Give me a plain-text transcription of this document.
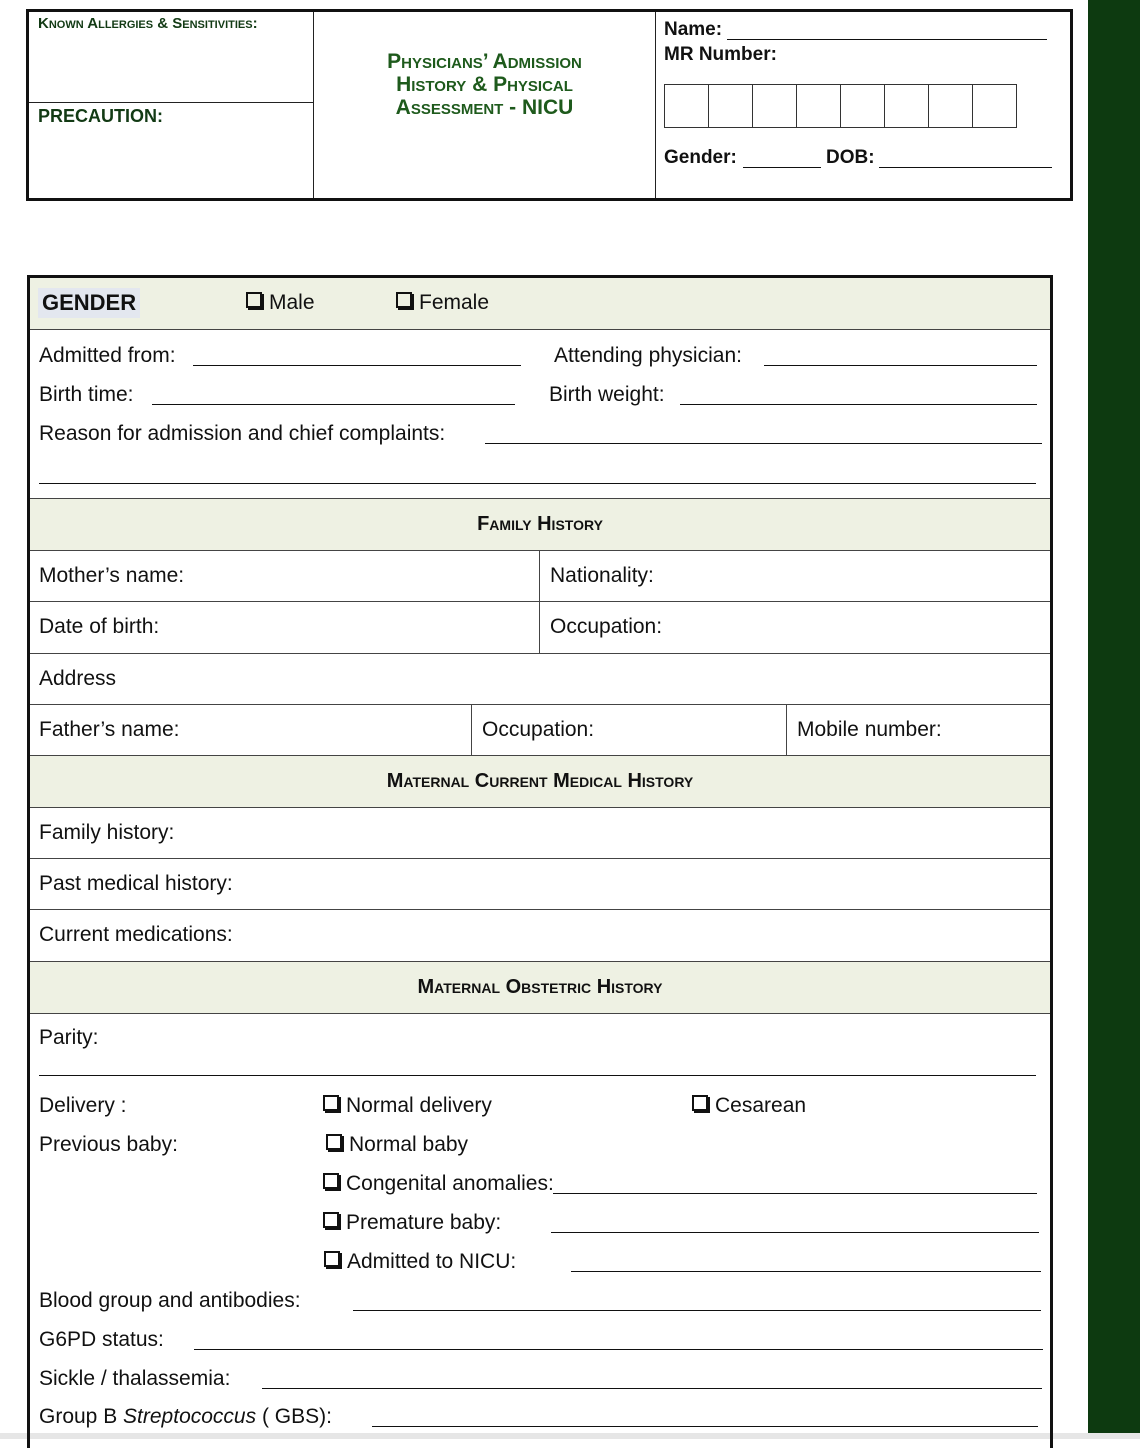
Known Allergies & Sensitivities:
PRECAUTION:
Physicians’ Admission
History & Physical
Assessment - NICU
Name:
MR Number:
Gender:	DOB:
GENDER	Male	Female
Admitted from:	Attending physician:
Birth time:	Birth weight:
Reason for admission and chief complaints:
Family History
Mother’s name:	Nationality:
Date of birth:	Occupation:
Address
Father’s name:	Occupation:	Mobile number:
Maternal Current Medical History
Family history:
Past medical history:
Current medications:
Maternal Obstetric History
Parity:
Delivery :	Normal delivery	Cesarean
Previous baby:	Normal baby
Congenital anomalies:
Premature baby:
Admitted to NICU:
Blood group and antibodies:
G6PD status:
Sickle / thalassemia:
Group B Streptococcus ( GBS):
